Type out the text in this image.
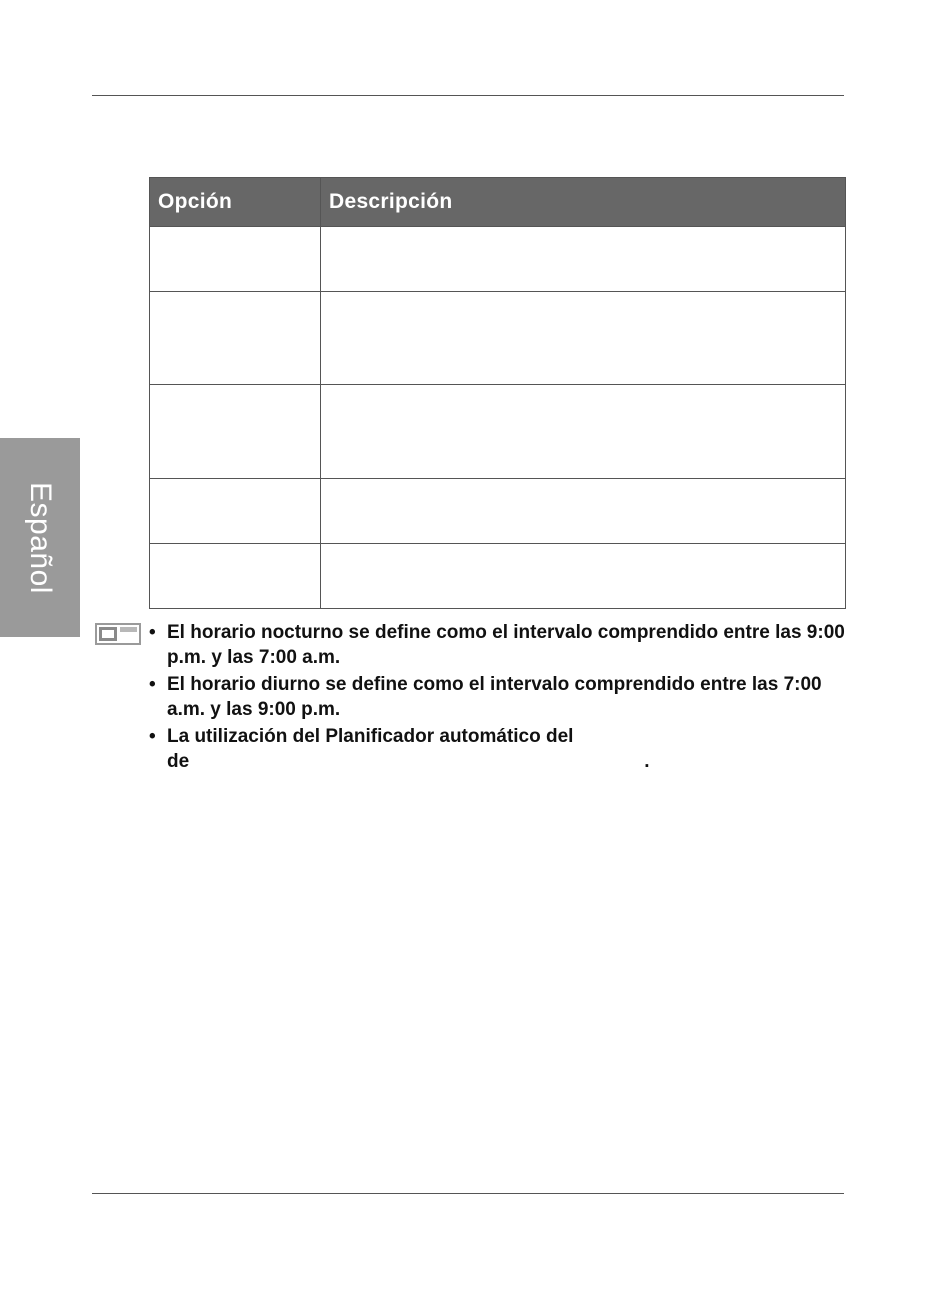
Español
Opción	Descripción

• El horario nocturno se define como el intervalo comprendido entre las 9:00 p.m. y las 7:00 a.m.
• El horario diurno se define como el intervalo comprendido entre las 7:00 a.m. y las 9:00 p.m.
• La utilización del Planificador automático del
de	.
